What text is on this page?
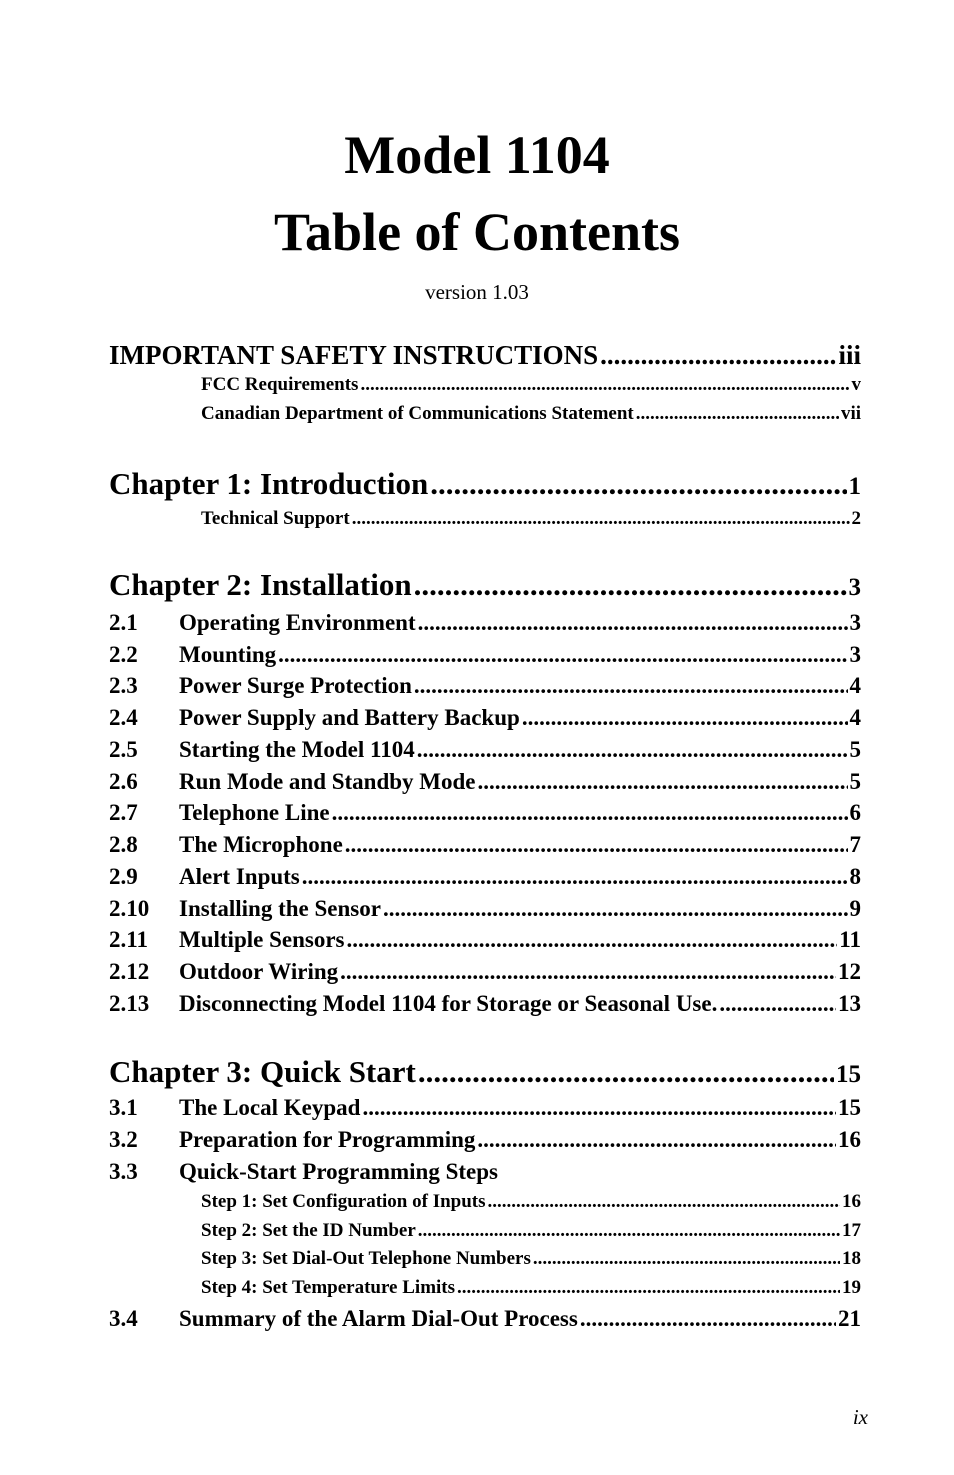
Model 1104
Table of Contents
version 1.03
IMPORTANT SAFETY INSTRUCTIONS .....	iii
FCC Requirements .....	v
Canadian Department of Communications Statement .....	vii
Chapter 1: Introduction .....	1
Technical Support .....	2
Chapter 2: Installation .....	3
2.1	Operating Environment .....	3
2.2	Mounting .....	3
2.3	Power Surge Protection .....	4
2.4	Power Supply and Battery Backup .....	4
2.5	Starting the Model 1104 .....	5
2.6	Run Mode and Standby Mode .....	5
2.7	Telephone Line .....	6
2.8	The Microphone .....	7
2.9	Alert Inputs .....	8
2.10	Installing the Sensor .....	9
2.11	Multiple Sensors .....	11
2.12	Outdoor Wiring .....	12
2.13	Disconnecting Model 1104 for Storage or Seasonal Use. .....	13
Chapter 3: Quick Start .....	15
3.1	The Local Keypad .....	15
3.2	Preparation for Programming .....	16
3.3	Quick-Start Programming Steps
Step 1: Set Configuration of Inputs .....	16
Step 2: Set the ID Number .....	17
Step 3: Set Dial-Out Telephone Numbers .....	18
Step 4: Set Temperature Limits .....	19
3.4	Summary of the Alarm Dial-Out Process .....	21
ix
